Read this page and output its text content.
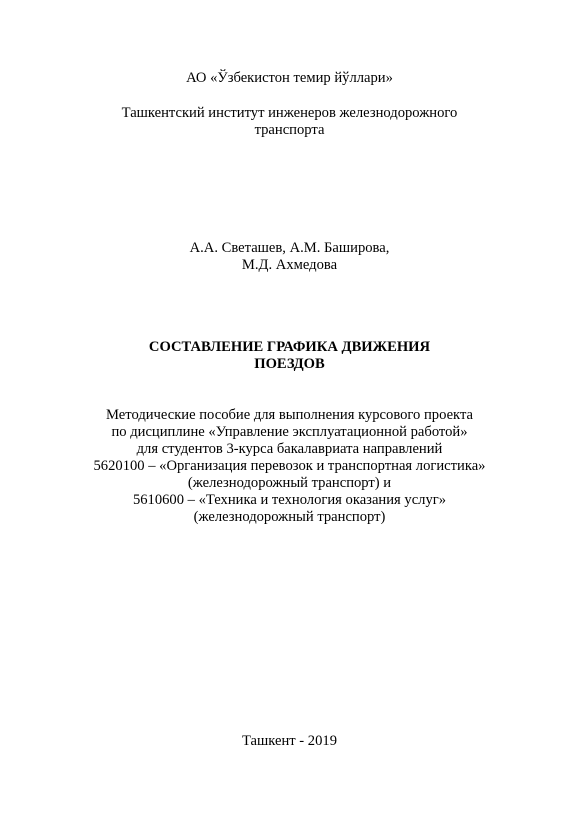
АО «Ўзбекистон темир йўллари»
Ташкентский институт инженеров железнодорожного
транспорта
А.А. Светашев, А.М. Баширова,
М.Д. Ахмедова
СОСТАВЛЕНИЕ ГРАФИКА ДВИЖЕНИЯ
ПОЕЗДОВ
Методические пособие для выполнения курсового проекта
по дисциплине «Управление эксплуатационной работой»
для студентов 3-курса бакалавриата направлений
5620100 – «Организация перевозок и транспортная логистика»
(железнодорожный транспорт) и
5610600 – «Техника и технология оказания услуг»
(железнодорожный транспорт)
Ташкент - 2019
